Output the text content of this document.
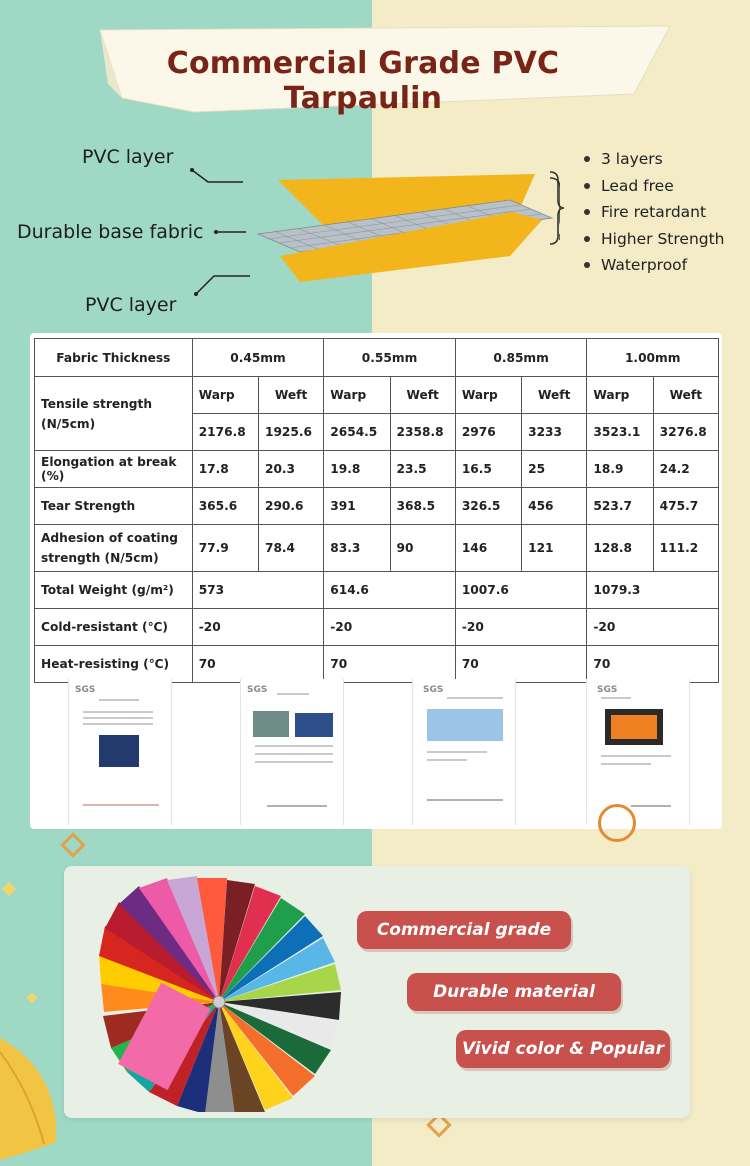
Commercial Grade PVC Tarpaulin
PVC layer
Durable base fabric
PVC layer
3 layers
Lead free
Fire retardant
Higher Strength
Waterproof
Fabric Thickness	0.45mm		0.55mm		0.85mm		1.00mm	

Tensile strength
(N/5cm)	Warp	Weft	Warp	Weft	Warp	Weft	Warp	Weft
	2176.8	1925.6	2654.5	2358.8	2976	3233	3523.1	3276.8
Elongation at break (%)	17.8	20.3	19.8	23.5	16.5	25	18.9	24.2
Tear Strength	365.6	290.6	391	368.5	326.5	456	523.7	475.7

Adhesion of coating
strength (N/5cm)	77.9	78.4	83.3	90	146	121	128.8	111.2
Total Weight (g/m²)	573		614.6		1007.6		1079.3	
Cold-resistant (℃)	-20		-20		-20		-20	
Heat-resisting (℃)	70		70		70		70	
SGS	SGS	SGS	SGS
Commercial grade
Durable material
Vivid color & Popular
